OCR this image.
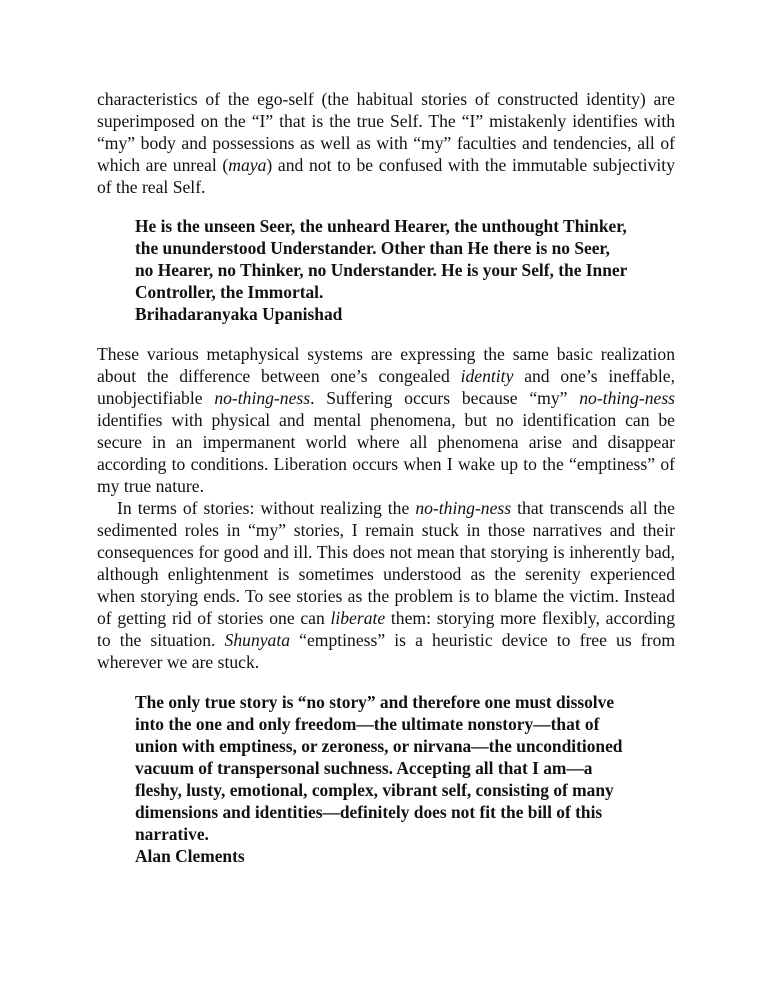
characteristics of the ego-self (the habitual stories of constructed identity) are superimposed on the “I” that is the true Self. The “I” mistakenly identifies with “my” body and possessions as well as with “my” faculties and tendencies, all of which are unreal (maya) and not to be confused with the immutable subjectivity of the real Self.

He is the unseen Seer, the unheard Hearer, the unthought Thinker,
the ununderstood Understander. Other than He there is no Seer,
no Hearer, no Thinker, no Understander. He is your Self, the Inner
Controller, the Immortal.
Brihadaranyaka Upanishad

These various metaphysical systems are expressing the same basic realization about the difference between one’s congealed identity and one’s ineffable, unobjectifiable no-thing-ness. Suffering occurs because “my” no-thing-ness identifies with physical and mental phenomena, but no identification can be secure in an impermanent world where all phenomena arise and disappear according to conditions. Liberation occurs when I wake up to the “emptiness” of my true nature.

In terms of stories: without realizing the no-thing-ness that transcends all the sedimented roles in “my” stories, I remain stuck in those narratives and their consequences for good and ill. This does not mean that storying is inherently bad, although enlightenment is sometimes understood as the serenity experienced when storying ends. To see stories as the problem is to blame the victim. Instead of getting rid of stories one can liberate them: storying more flexibly, according to the situation. Shunyata “emptiness” is a heuristic device to free us from wherever we are stuck.

The only true story is “no story” and therefore one must dissolve
into the one and only freedom—the ultimate nonstory—that of
union with emptiness, or zeroness, or nirvana—the unconditioned
vacuum of transpersonal suchness. Accepting all that I am—a
fleshy, lusty, emotional, complex, vibrant self, consisting of many
dimensions and identities—definitely does not fit the bill of this
narrative.
Alan Clements
